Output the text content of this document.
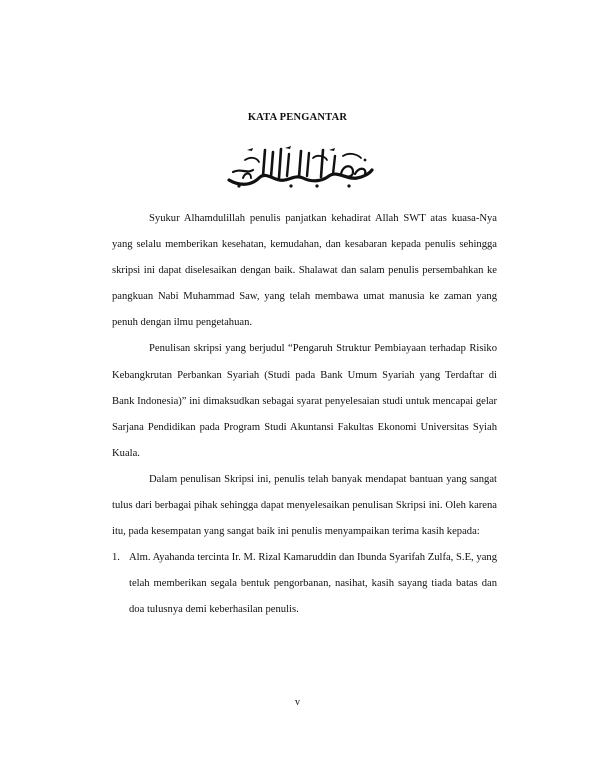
KATA PENGANTAR

Syukur Alhamdulillah penulis panjatkan kehadirat Allah SWT atas kuasa-Nya yang selalu memberikan kesehatan, kemudahan, dan kesabaran kepada penulis sehingga skripsi ini dapat diselesaikan dengan baik. Shalawat dan salam penulis persembahkan ke pangkuan Nabi Muhammad Saw, yang telah membawa umat manusia ke zaman yang penuh dengan ilmu pengetahuan.

Penulisan skripsi yang berjudul “Pengaruh Struktur Pembiayaan terhadap Risiko Kebangkrutan Perbankan Syariah (Studi pada Bank Umum Syariah yang Terdaftar di Bank Indonesia)” ini dimaksudkan sebagai syarat penyelesaian studi untuk mencapai gelar Sarjana Pendidikan pada Program Studi Akuntansi Fakultas Ekonomi Universitas Syiah Kuala.

Dalam penulisan Skripsi ini, penulis telah banyak mendapat bantuan yang sangat tulus dari berbagai pihak sehingga dapat menyelesaikan penulisan Skripsi ini. Oleh karena itu, pada kesempatan yang sangat baik ini penulis menyampaikan terima kasih kepada:

1. Alm. Ayahanda tercinta Ir. M. Rizal Kamaruddin dan Ibunda Syarifah Zulfa, S.E, yang telah memberikan segala bentuk pengorbanan, nasihat, kasih sayang tiada batas dan doa tulusnya demi keberhasilan penulis.
v
